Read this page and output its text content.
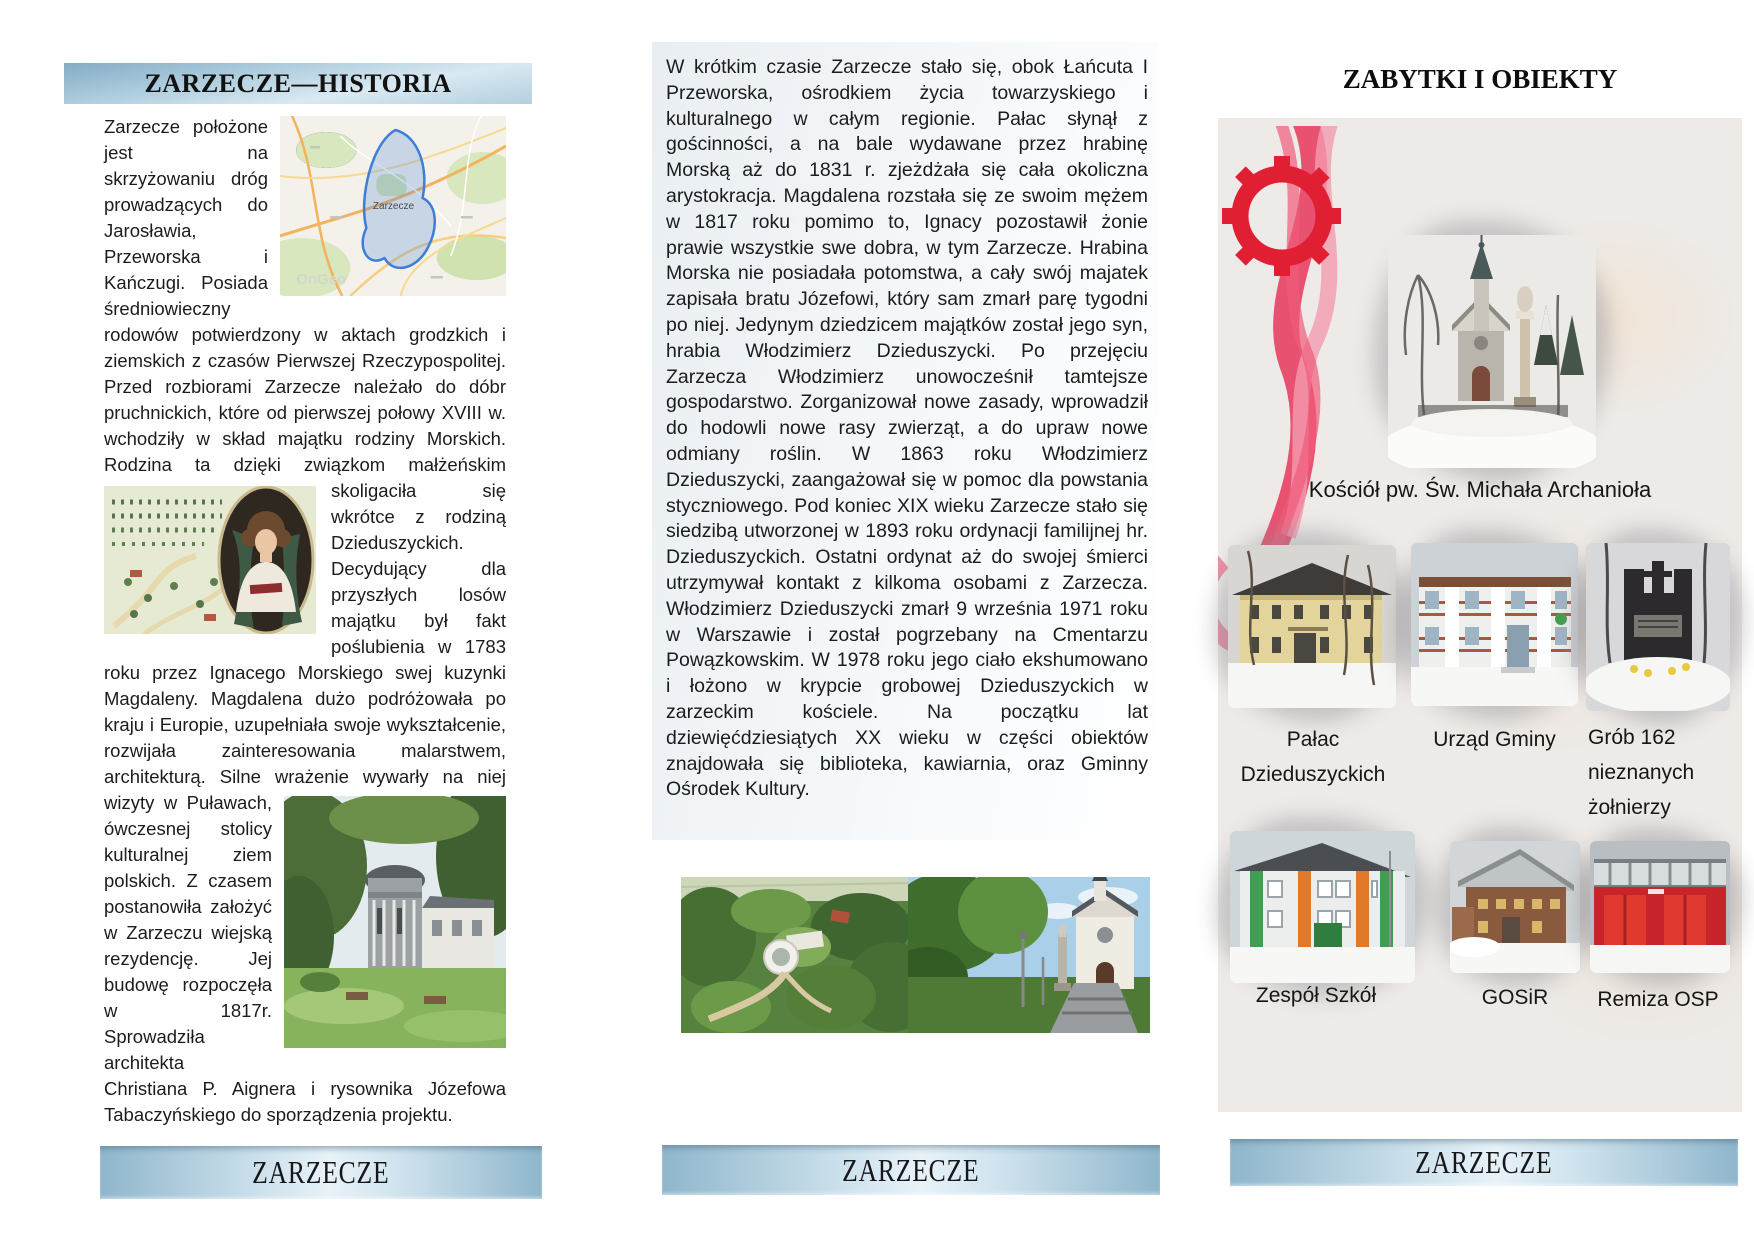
ZARZECZE—HISTORIA
Zarzecze
OnGeo
Zarzecze położone jest na skrzyżowaniu dróg prowadzących do Jarosławia, Przeworska i Kańczugi. Posiada średniowieczny rodowów potwierdzony w aktach grodzkich i ziemskich z czasów Pierwszej Rzeczypospolitej. Przed rozbiorami Zarzecze należało do dóbr pruchnickich, które od pierwszej połowy XVIII w. wchodziły w skład majątku rodziny Morskich. Rodzina ta dzięki związkom małżeńskim
skoligaciła się wkrótce z rodziną Dzieduszyckich. Decydujący dla przyszłych losów majątku był fakt poślubienia w 1783 roku przez Ignacego Morskiego swej kuzynki Magdaleny. Magdalena dużo podróżowała po kraju i Europie, uzupełniała swoje wykształcenie, rozwijała zainteresowania malarstwem, architekturą. Silne wrażenie wywarły na niej wizyty w Puławach, ówczesnej stolicy kulturalnej ziem polskich. Z czasem postanowiła założyć w Zarzeczu wiejską rezydencję. Jej budowę rozpoczęła w 1817r. Sprowadziła architekta Christiana P. Aignera i rysownika Józefowa Tabaczyńskiego do sporządzenia projektu.
ZARZECZE
W krótkim czasie Zarzecze stało się, obok Łańcuta I Przeworska, ośrodkiem życia towarzyskiego i kulturalnego w całym regionie. Pałac słynął z gościnności, a na bale wydawane przez hrabinę Morską aż do 1831 r. zjeżdżała się cała okoliczna arystokracja. Magdalena rozstała się ze swoim mężem w 1817 roku pomimo to, Ignacy pozostawił żonie prawie wszystkie swe dobra, w tym Zarzecze. Hrabina Morska nie posiadała potomstwa, a cały swój majatek zapisała bratu Józefowi, który sam zmarł parę tygodni po niej. Jedynym dziedzicem majątków został jego syn, hrabia Włodzimierz Dzieduszycki. Po przejęciu Zarzecza Włodzimierz unowocześnił tamtejsze gospodarstwo. Zorganizował nowe zasady, wprowadził do hodowli nowe rasy zwierząt, a do upraw nowe odmiany roślin. W 1863 roku Włodzimierz Dzieduszycki, zaangażował się w pomoc dla powstania styczniowego. Pod koniec XIX wieku Zarzecze stało się siedzibą utworzonej w 1893 roku ordynacji familijnej hr. Dzieduszyckich. Ostatni ordynat aż do swojej śmierci utrzymywał kontakt z kilkoma osobami z Zarzecza. Włodzimierz Dzieduszycki zmarł 9 września 1971 roku w Warszawie i został pogrzebany na Cmentarzu Powązkowskim. W 1978 roku jego ciało ekshumowano i łożono w krypcie grobowej Dzieduszyckich w zarzeckim kościele. Na początku lat dziewięćdziesiątych XX wieku w części obiektów znajdowała się biblioteka, kawiarnia, oraz Gminny Ośrodek Kultury.
ZARZECZE
ZABYTKI I OBIEKTY
Kościół pw. Św. Michała Archanioła
Pałac Dzieduszyckich
Urząd Gminy	Grób 162 nieznanych żołnierzy
Zespół Szkół	GOSiR	Remiza OSP
ZARZECZE
